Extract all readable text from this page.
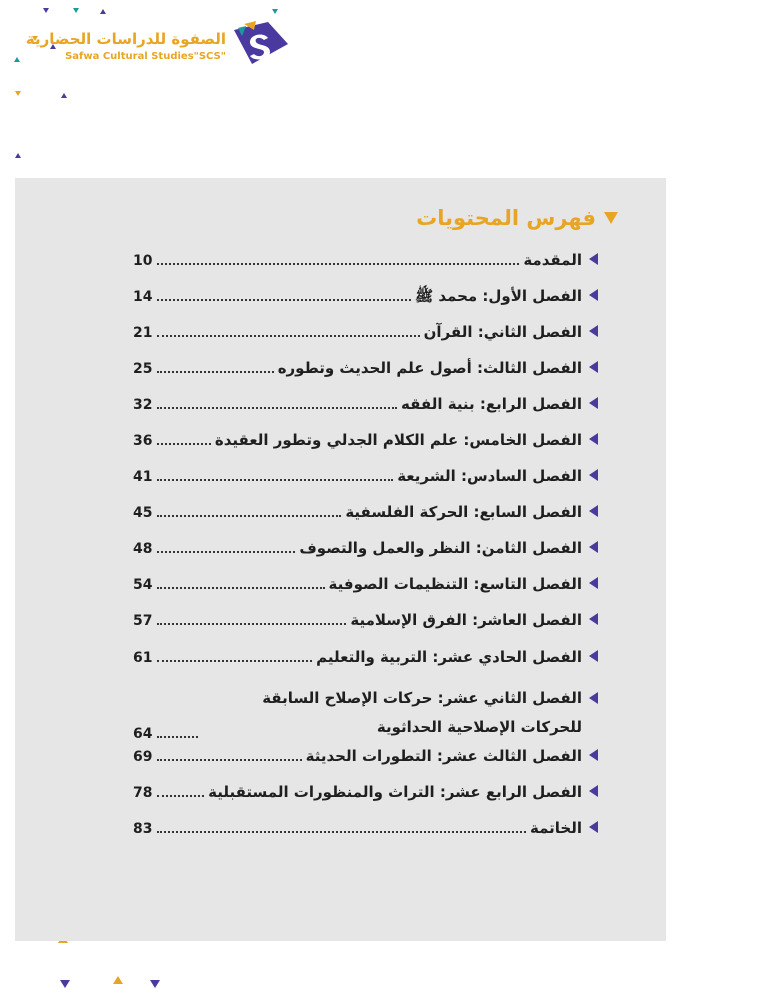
الصفوة للدراسات الحضارية
Safwa Cultural Studies"SCS"
فهرس المحتويات
المقدمة
10
الفصل الأول: محمد ﷺ
14
الفصل الثاني: القرآن
21
الفصل الثالث: أصول علم الحديث وتطوره
25
الفصل الرابع: بنية الفقه
32
الفصل الخامس: علم الكلام الجدلي وتطور العقيدة
36
الفصل السادس: الشريعة
41
الفصل السابع: الحركة الفلسفية
45
الفصل الثامن: النظر والعمل والتصوف
48
الفصل التاسع: التنظيمات الصوفية
54
الفصل العاشر: الفرق الإسلامية
57
الفصل الحادي عشر: التربية والتعليم
61
الفصل الثاني عشر: حركات الإصلاح السابقة للحركات الإصلاحية الحداثوية
64
الفصل الثالث عشر: التطورات الحديثة
69
الفصل الرابع عشر: التراث والمنظورات المستقبلية
78
الخاتمة
83
